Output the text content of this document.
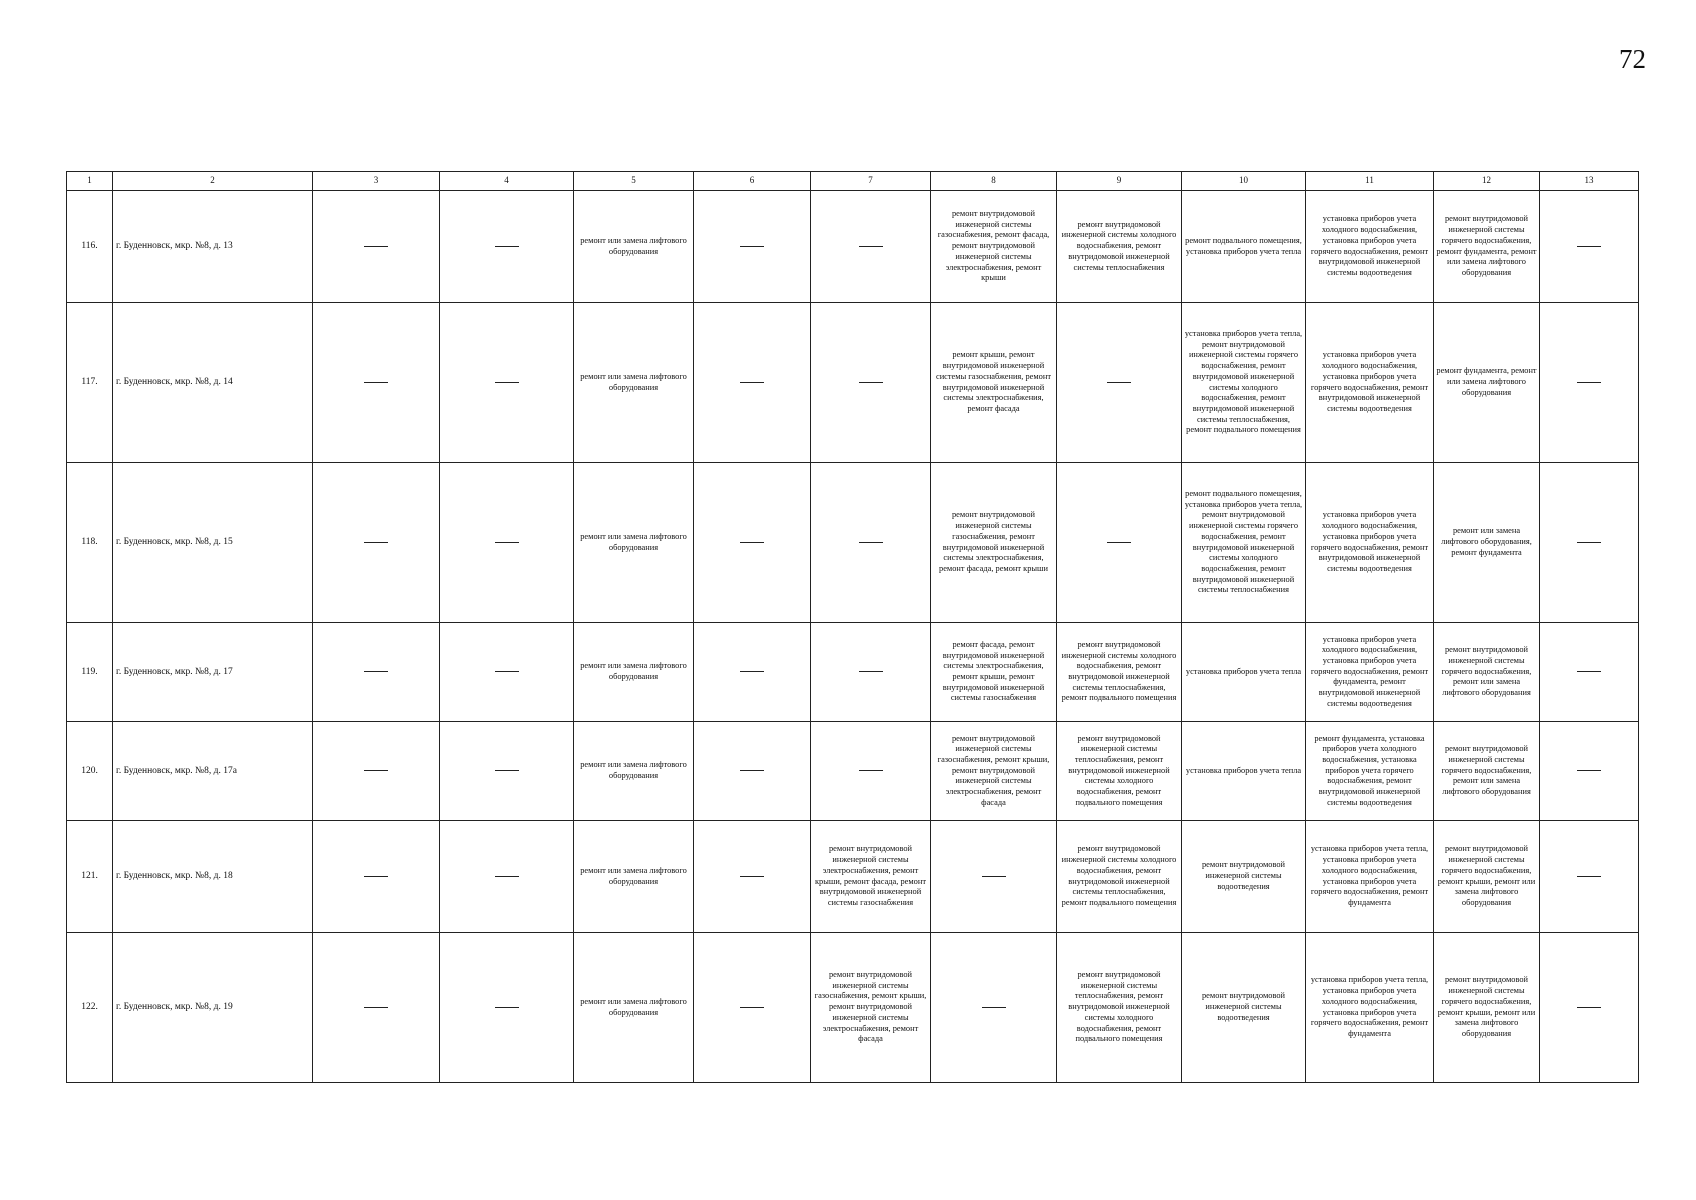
72
1	2	3	4	5	6	7	8	9	10	11	12	13
116.	г. Буденновск, мкр. №8, д. 13			ремонт или замена лифтового оборудования			ремонт внутридомовой инженерной системы газоснабжения, ремонт фасада, ремонт внутридомовой инженерной системы электроснабжения, ремонт крыши	ремонт внутридомовой инженерной системы холодного водоснабжения, ремонт внутридомовой инженерной системы теплоснабжения	ремонт подвального помещения, установка приборов учета тепла	установка приборов учета холодного водоснабжения, установка приборов учета горячего водоснабжения, ремонт внутридомовой инженерной системы водоотведения	ремонт внутридомовой инженерной системы горячего водоснабжения, ремонт фундамента, ремонт или замена лифтового оборудования	
117.	г. Буденновск, мкр. №8, д. 14			ремонт или замена лифтового оборудования			ремонт крыши, ремонт внутридомовой инженерной системы газоснабжения, ремонт внутридомовой инженерной системы электроснабжения, ремонт фасада		установка приборов учета тепла, ремонт внутридомовой инженерной системы горячего водоснабжения, ремонт внутридомовой инженерной системы холодного водоснабжения, ремонт внутридомовой инженерной системы теплоснабжения, ремонт подвального помещения	установка приборов учета холодного водоснабжения, установка приборов учета горячего водоснабжения, ремонт внутридомовой инженерной системы водоотведения	ремонт фундамента, ремонт или замена лифтового оборудования	
118.	г. Буденновск, мкр. №8, д. 15			ремонт или замена лифтового оборудования			ремонт внутридомовой инженерной системы газоснабжения, ремонт внутридомовой инженерной системы электроснабжения, ремонт фасада, ремонт крыши		ремонт подвального помещения, установка приборов учета тепла, ремонт внутридомовой инженерной системы горячего водоснабжения, ремонт внутридомовой инженерной системы холодного водоснабжения, ремонт внутридомовой инженерной системы теплоснабжения	установка приборов учета холодного водоснабжения, установка приборов учета горячего водоснабжения, ремонт внутридомовой инженерной системы водоотведения	ремонт или замена лифтового оборудования, ремонт фундамента	
119.	г. Буденновск, мкр. №8, д. 17			ремонт или замена лифтового оборудования			ремонт фасада, ремонт внутридомовой инженерной системы электроснабжения, ремонт крыши, ремонт внутридомовой инженерной системы газоснабжения	ремонт внутридомовой инженерной системы холодного водоснабжения, ремонт внутридомовой инженерной системы теплоснабжения, ремонт подвального помещения	установка приборов учета тепла	установка приборов учета холодного водоснабжения, установка приборов учета горячего водоснабжения, ремонт фундамента, ремонт внутридомовой инженерной системы водоотведения	ремонт внутридомовой инженерной системы горячего водоснабжения, ремонт или замена лифтового оборудования	
120.	г. Буденновск, мкр. №8, д. 17а			ремонт или замена лифтового оборудования			ремонт внутридомовой инженерной системы газоснабжения, ремонт крыши, ремонт внутридомовой инженерной системы электроснабжения, ремонт фасада	ремонт внутридомовой инженерной системы теплоснабжения, ремонт внутридомовой инженерной системы холодного водоснабжения, ремонт подвального помещения	установка приборов учета тепла	ремонт фундамента, установка приборов учета холодного водоснабжения, установка приборов учета горячего водоснабжения, ремонт внутридомовой инженерной системы водоотведения	ремонт внутридомовой инженерной системы горячего водоснабжения, ремонт или замена лифтового оборудования	
121.	г. Буденновск, мкр. №8, д. 18			ремонт или замена лифтового оборудования		ремонт внутридомовой инженерной системы электроснабжения, ремонт крыши, ремонт фасада, ремонт внутридомовой инженерной системы газоснабжения		ремонт внутридомовой инженерной системы холодного водоснабжения, ремонт внутридомовой инженерной системы теплоснабжения, ремонт подвального помещения	ремонт внутридомовой инженерной системы водоотведения	установка приборов учета тепла, установка приборов учета холодного водоснабжения, установка приборов учета горячего водоснабжения, ремонт фундамента	ремонт внутридомовой инженерной системы горячего водоснабжения, ремонт крыши, ремонт или замена лифтового оборудования	
122.	г. Буденновск, мкр. №8, д. 19			ремонт или замена лифтового оборудования		ремонт внутридомовой инженерной системы газоснабжения, ремонт крыши, ремонт внутридомовой инженерной системы электроснабжения, ремонт фасада		ремонт внутридомовой инженерной системы теплоснабжения, ремонт внутридомовой инженерной системы холодного водоснабжения, ремонт подвального помещения	ремонт внутридомовой инженерной системы водоотведения	установка приборов учета тепла, установка приборов учета холодного водоснабжения, установка приборов учета горячего водоснабжения, ремонт фундамента	ремонт внутридомовой инженерной системы горячего водоснабжения, ремонт крыши, ремонт или замена лифтового оборудования	
